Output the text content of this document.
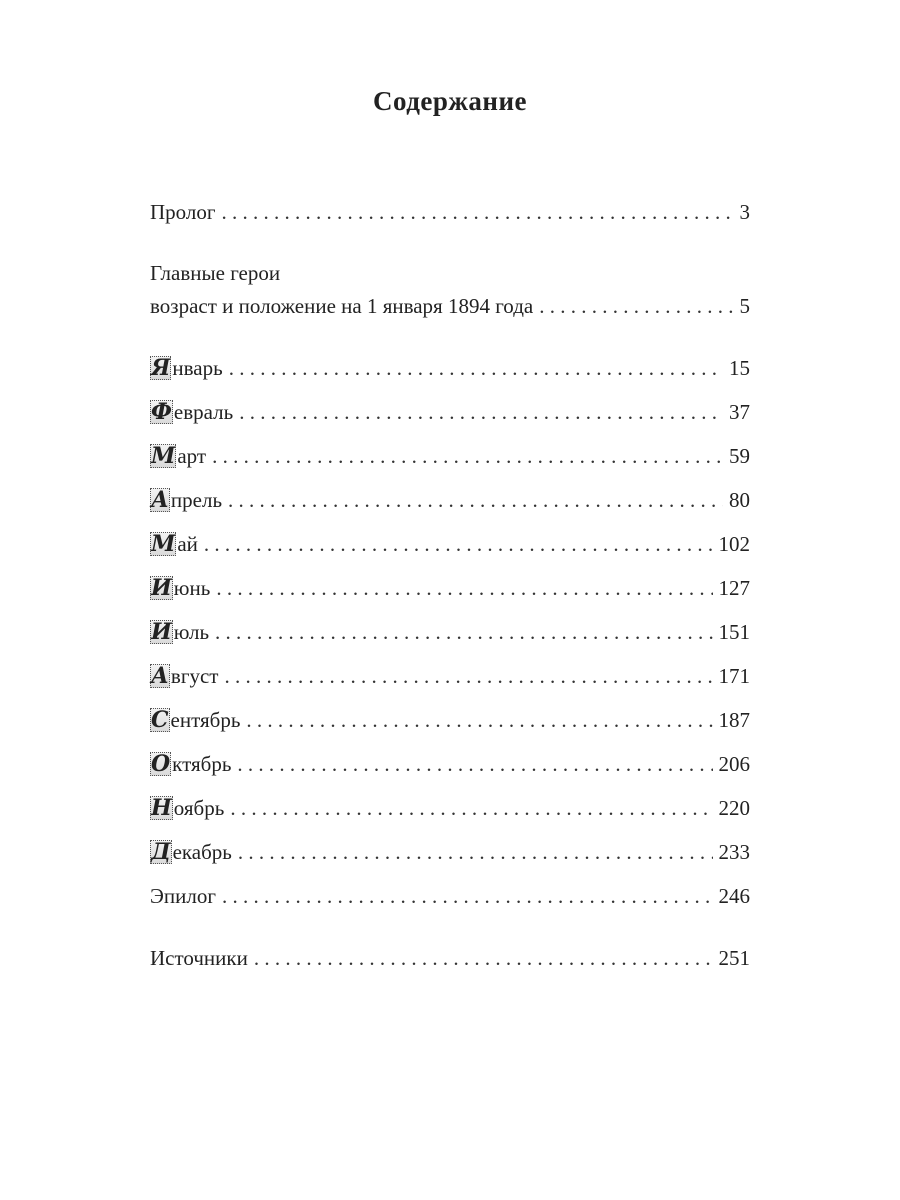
Содержание
Пролог . . .	3
Главные герои
возраст и положение на 1 января 1894 года . . .	5
Январь . . .	15
Февраль . . .	37
Март . . .	59
Апрель . . .	80
Май . . .	102
Июнь . . .	127
Июль . . .	151
Август . . .	171
Сентябрь . . .	187
Октябрь . . .	206
Ноябрь . . .	220
Декабрь . . .	233
Эпилог . . .	246
Источники . . .	251
